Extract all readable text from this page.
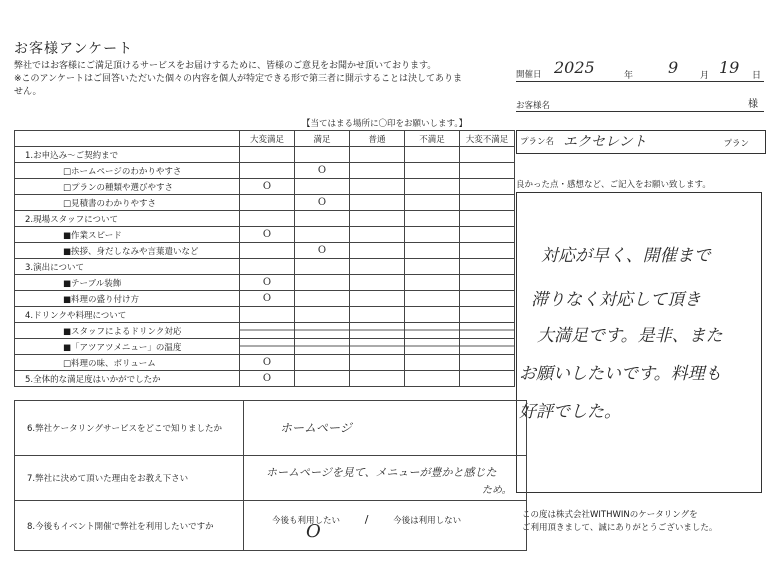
お客様アンケート
弊社ではお客様にご満足頂けるサービスをお届けするために、皆様のご意見をお聞かせ頂いております。
※このアンケートはご回答いただいた個々の内容を個人が特定できる形で第三者に開示することは決してありま
せん。
【当てはまる場所に〇印をお願いします。】
開催日 2025	年 9 月 19 日
お客様名	様
プラン名 エクセレント	プラン
良かった点・感想など、ご記入をお願い致します。
対応が早く、開催まで
滞りなく対応して頂き
大満足です。是非、また
お願いしたいです。料理も
好評でした。
この度は株式会社WITHWINのケータリングを
ご利用頂きまして、誠にありがとうございました。
	大変満足	満足	普通	不満足	大変不満足
1.お申込み～ご契約まで					
□ホームページのわかりやすさ		O			
□プランの種類や選びやすさ	O				
□見積書のわかりやすさ		O			
2.現場スタッフについて					
■作業スピード	O				
■挨拶、身だしなみや言葉遣いなど		O			
3.演出について					
■テーブル装飾	O				
■料理の盛り付け方	O				
4.ドリンクや料理について					
■スタッフによるドリンク対応					
■「アツアツメニュー」の温度					
□料理の味、ボリューム	O				
5.全体的な満足度はいかがでしたか	O				
6.弊社ケータリングサービスをどこで知りましたか	ホームページ

7.弊社に決めて頂いた理由をお教え下さい	ホームページを見て、メニューが豊かと感じた
ため。

8.今後もイベント開催で弊社を利用したいですか	今後も利用したい / 今後は利用しない
O
